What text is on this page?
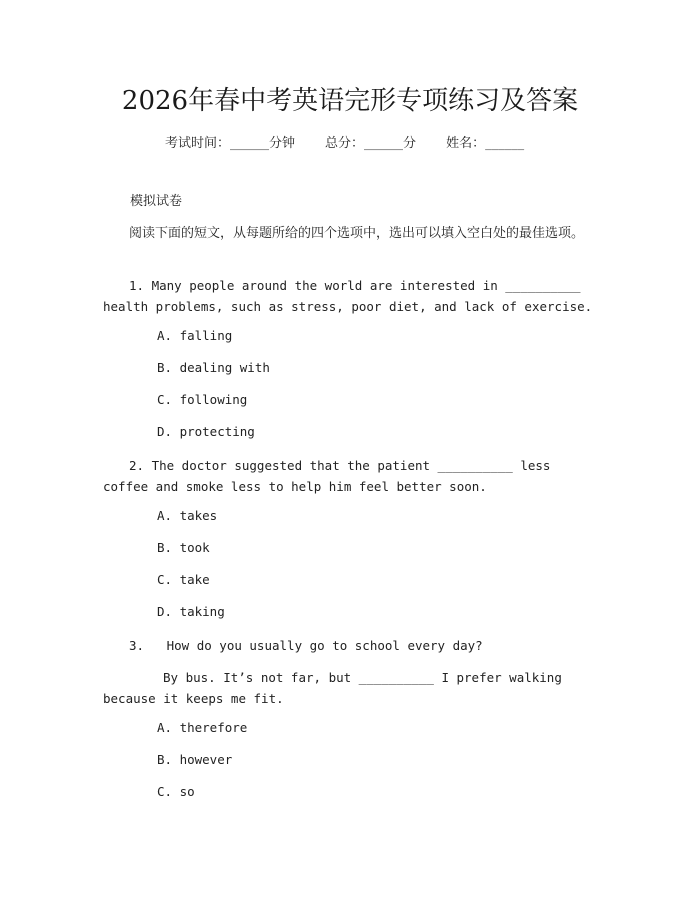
2026年春中考英语完形专项练习及答案
考试时间：______分钟 总分：______分 姓名：______
模拟试卷
阅读下面的短文，从每题所给的四个选项中，选出可以填入空白处的最佳选项。
1. Many people around the world are interested in __________ health problems, such as stress, poor diet, and lack of exercise.
A. falling
B. dealing with
C. following
D. protecting
2. The doctor suggested that the patient __________ less coffee and smoke less to help him feel better soon.
A. takes
B. took
C. take
D. taking
3.   How do you usually go to school every day?
By bus. It’s not far, but __________ I prefer walking because it keeps me fit.
A. therefore
B. however
C. so
